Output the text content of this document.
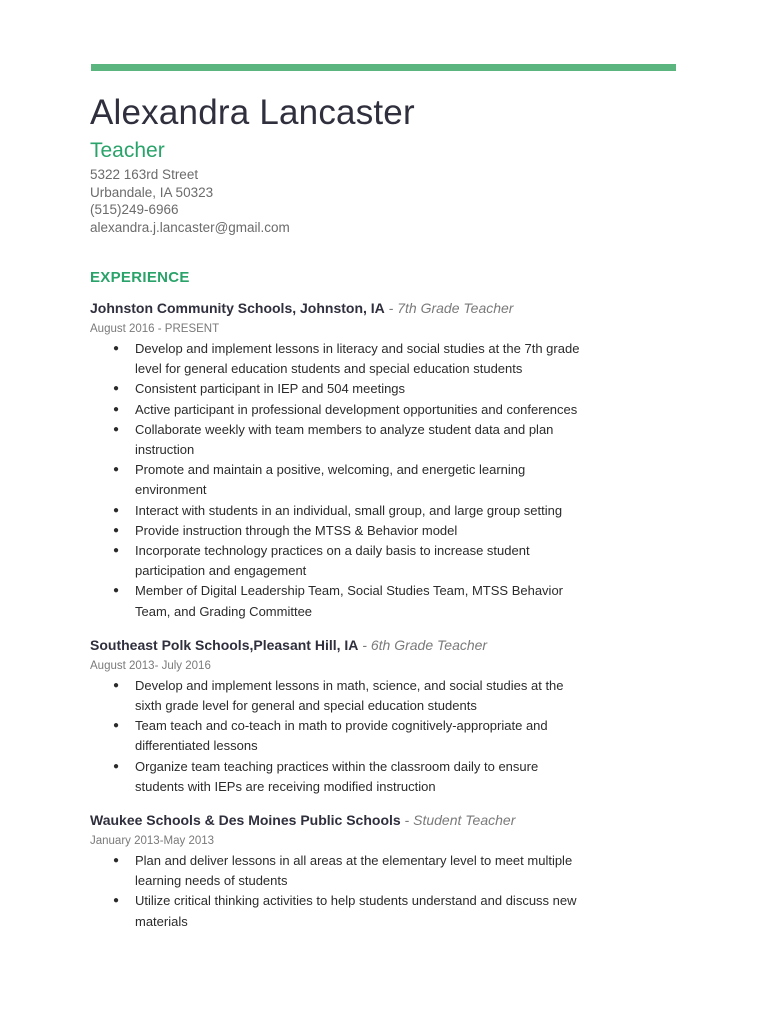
Alexandra Lancaster
Teacher
5322 163rd Street
Urbandale, IA 50323
(515)249-6966
alexandra.j.lancaster@gmail.com
EXPERIENCE
Johnston Community Schools, Johnston, IA - 7th Grade Teacher
August 2016 - PRESENT
● Develop and implement lessons in literacy and social studies at the 7th grade level for general education students and special education students
● Consistent participant in IEP and 504 meetings
● Active participant in professional development opportunities and conferences
● Collaborate weekly with team members to analyze student data and plan instruction
● Promote and maintain a positive, welcoming, and energetic learning environment
● Interact with students in an individual, small group, and large group setting
● Provide instruction through the MTSS & Behavior model
● Incorporate technology practices on a daily basis to increase student participation and engagement
● Member of Digital Leadership Team, Social Studies Team, MTSS Behavior Team, and Grading Committee
Southeast Polk Schools,Pleasant Hill, IA - 6th Grade Teacher
August 2013- July 2016
● Develop and implement lessons in math, science, and social studies at the sixth grade level for general and special education students
● Team teach and co-teach in math to provide cognitively-appropriate and differentiated lessons
● Organize team teaching practices within the classroom daily to ensure students with IEPs are receiving modified instruction
Waukee Schools & Des Moines Public Schools - Student Teacher
January 2013-May 2013
● Plan and deliver lessons in all areas at the elementary level to meet multiple learning needs of students
● Utilize critical thinking activities to help students understand and discuss new materials
